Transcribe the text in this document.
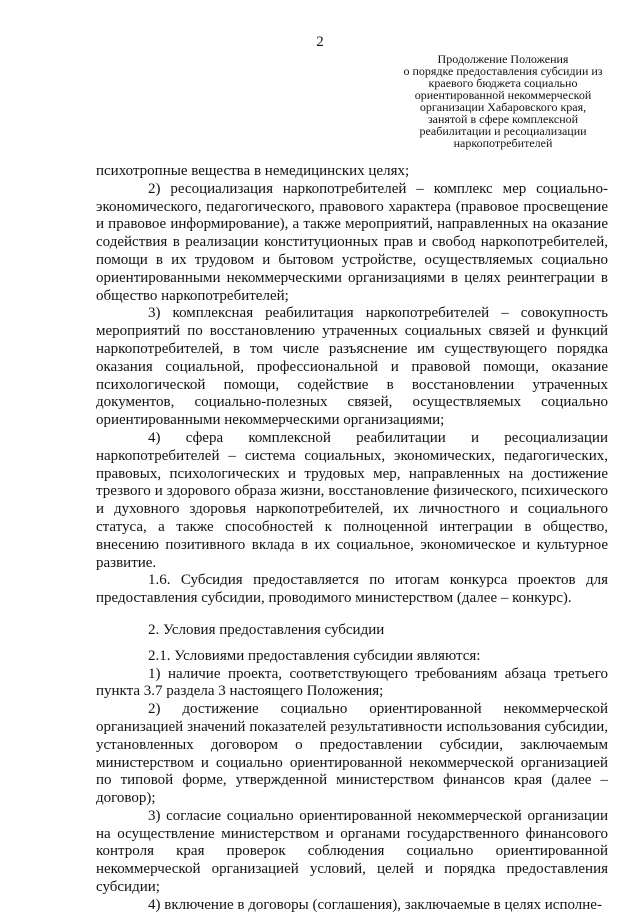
2
Продолжение Положения
о порядке предоставления субсидии из краевого бюджета социально ориентированной некоммерческой организации Хабаровского края, занятой в сфере комплексной реабилитации и ресоциализации наркопотребителей

психотропные вещества в немедицинских целях;

2) ресоциализация наркопотребителей – комплекс мер социально-экономического, педагогического, правового характера (правовое просвещение и правовое информирование), а также мероприятий, направленных на оказание содействия в реализации конституционных прав и свобод наркопотребителей, помощи в их трудовом и бытовом устройстве, осуществляемых социально ориентированными некоммерческими организациями в целях реинтеграции в общество наркопотребителей;

3) комплексная реабилитация наркопотребителей – совокупность мероприятий по восстановлению утраченных социальных связей и функций наркопотребителей, в том числе разъяснение им существующего порядка оказания социальной, профессиональной и правовой помощи, оказание психологической помощи, содействие в восстановлении утраченных документов, социально-полезных связей, осуществляемых социально ориентированными некоммерческими организациями;

4) сфера комплексной реабилитации и ресоциализации наркопотребителей – система социальных, экономических, педагогических, правовых, психологических и трудовых мер, направленных на достижение трезвого и здорового образа жизни, восстановление физического, психического и духовного здоровья наркопотребителей, их личностного и социального статуса, а также способностей к полноценной интеграции в общество, внесению позитивного вклада в их социальное, экономическое и культурное развитие.

1.6. Субсидия предоставляется по итогам конкурса проектов для предоставления субсидии, проводимого министерством (далее – конкурс).

2. Условия предоставления субсидии

2.1. Условиями предоставления субсидии являются:

1) наличие проекта, соответствующего требованиям абзаца третьего пункта 3.7 раздела 3 настоящего Положения;

2) достижение социально ориентированной некоммерческой организацией значений показателей результативности использования субсидии, установленных договором о предоставлении субсидии, заключаемым министерством и социально ориентированной некоммерческой организацией по типовой форме, утвержденной министерством финансов края (далее – договор);

3) согласие социально ориентированной некоммерческой организации на осуществление министерством и органами государственного финансового контроля края проверок соблюдения социально ориентированной некоммерческой организацией условий, целей и порядка предоставления субсидии;

4) включение в договоры (соглашения), заключаемые в целях исполне-
